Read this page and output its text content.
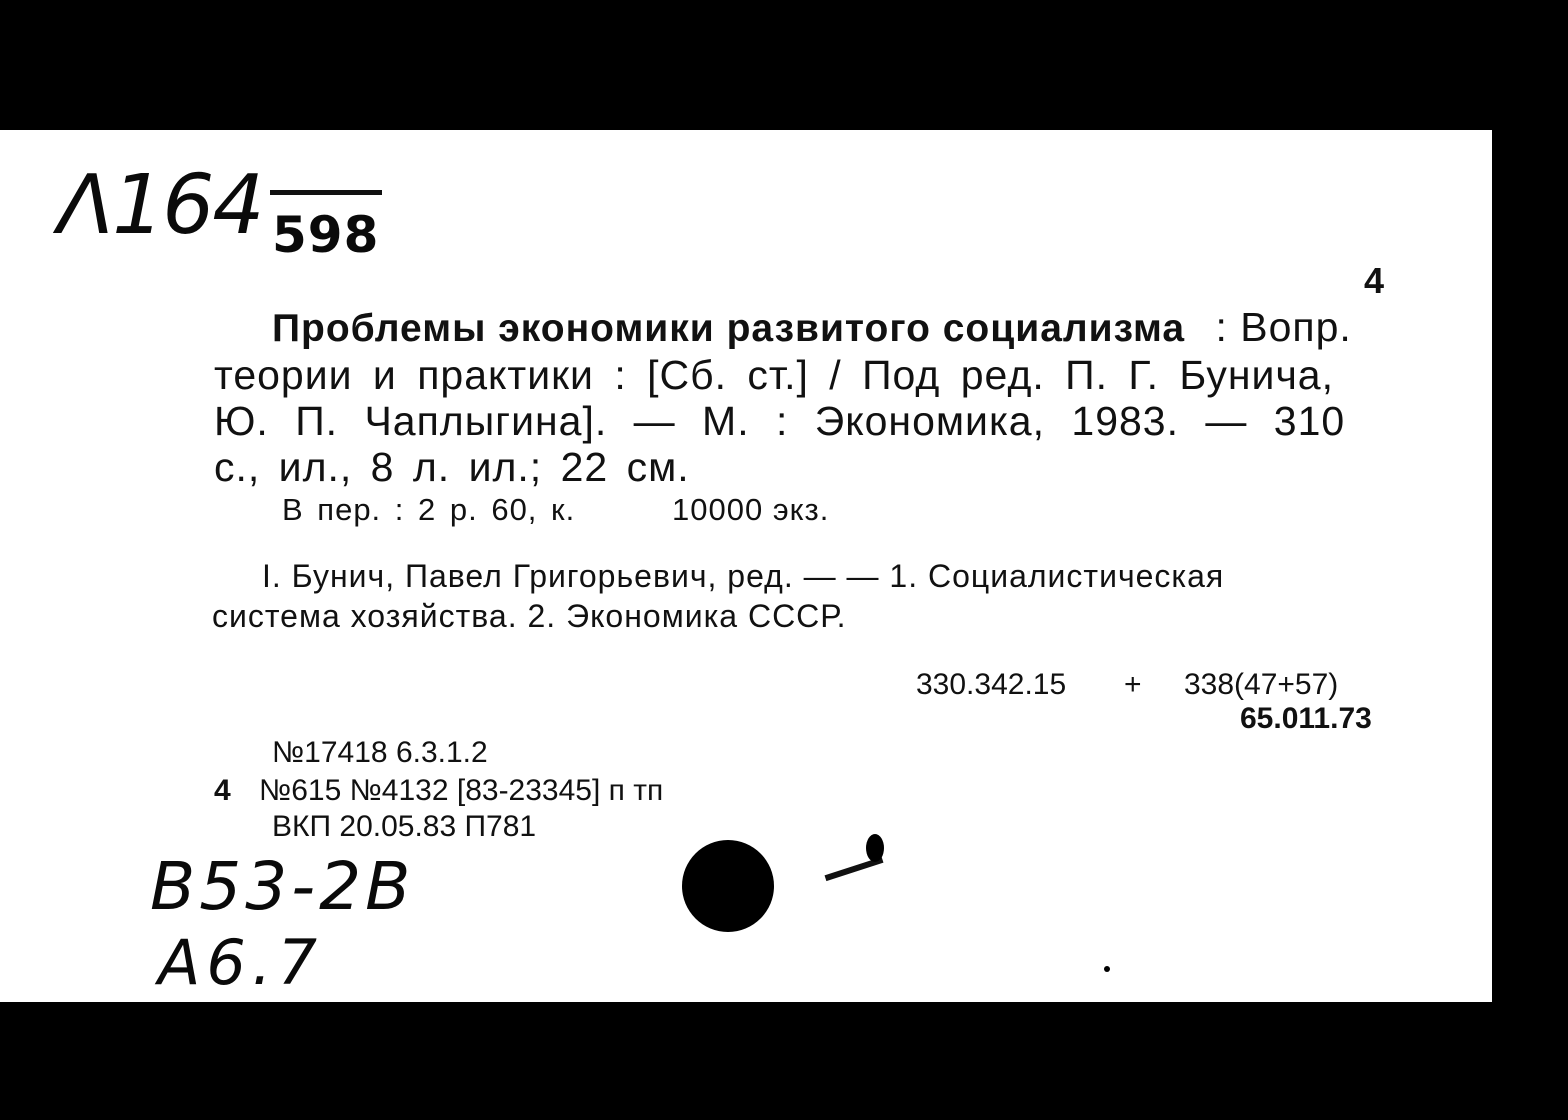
Λ164 598
4
Проблемы экономики развитого социализма : Вопр.
теории и практики : [Сб. ст.] / Под ред. П. Г. Бунича,
Ю. П. Чаплыгина]. — М. : Экономика, 1983. — 310
с., ил., 8 л. ил.; 22 см.
В пер. : 2 р. 60, к.	10000 экз.
I. Бунич, Павел Григорьевич, ред. — — 1. Социалистическая
система хозяйства. 2. Экономика СССР.
330.342.15 + 338(47+57)
65.011.73
№17418 6.3.1.2
4 №615 №4132 [83-23345] п тп
ВКП 20.05.83 П781
B53-2B
A6.7
